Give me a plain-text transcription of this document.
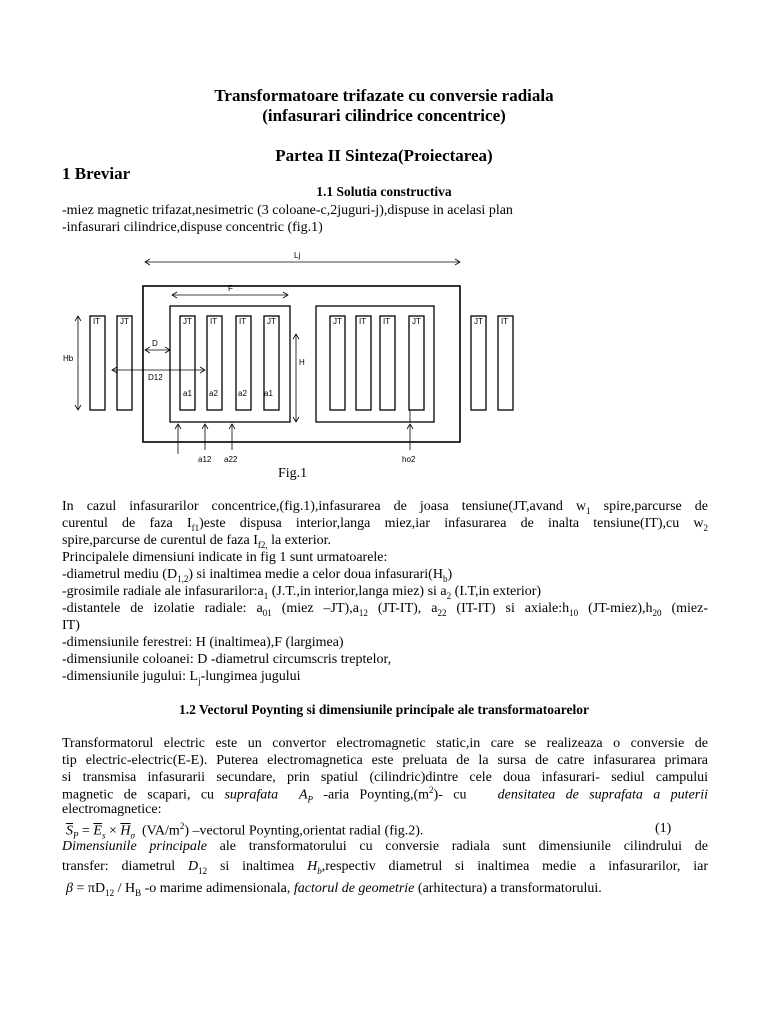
Transformatoare trifazate cu conversie radiala
(infasurari cilindrice concentrice)
Partea II Sinteza(Proiectarea)
1 Breviar
1.1 Solutia constructiva
-miez magnetic trifazat,nesimetric (3 coloane-c,2juguri-j),dispuse in acelasi plan
-infasurari cilindrice,dispuse concentric (fig.1)
Lj
F
H
Hb
D
D12
IT JT	JT IT	IT	JT	JT IT IT	JT	JT IT
a1 a2	a2 a1
a12 a22	ho2
Fig.1
In cazul infasurarilor concentrice,(fig.1),infasurarea de joasa tensiune(JT,avand $w_1$ spire,parcurse de
curentul de faza $I_{f1})este$ dispusa interior,langa miez,iar infasurarea de inalta tensiune(IT),cu $w_2$
spire,parcurse de curentul de faza $I_{f2,}$ la exterior.
Principalele dimensiuni indicate in fig 1 sunt urmatoarele:
-diametrul mediu $(D_{1,2})$ si inaltimea medie a celor doua $infasurari(H_b)$
-grosimile radiale ale $infasurarilor:a_1$ (J.T.,in interior,langa miez) si $a_2$ (I.T,in exterior)
-distantele de izolatie radiale: $a_{01}$ (miez $-JT),a_{12}$ (JT-IT), $a_{22}$ (IT-IT) si $axiale:h_{10}$ $(JT-miez),h_{20}$ (miez-
IT)
-dimensiunile ferestrei: H (inaltimea),F (largimea)
-dimensiunile coloanei: D -diametrul circumscris treptelor,
-dimensiunile jugului: $L_j$-lungimea jugului
1.2 Vectorul Poynting si dimensiunile principale ale transformatoarelor
Transformatorul electric este un convertor electromagnetic static,in care se realizeaza o conversie de
tip electric-electric(E-E). Puterea electromagnetica este preluata de la sursa de catre infasurarea primara
si transmisa infasurarii secundare, prin spatiul (cilindric)dintre cele doua infasurari- sediul campului
magnetic de scapari, cu suprafata $A_P$ -aria $Poynting,(m^2)-$ cu   densitatea de suprafata a puterii
electromagnetice:
$\overline{S}_P = \overline{E}_s \times \overline{H}_\sigma$  $(VA/m^2)$ –vectorul Poynting,orientat radial (fig.2).	(1)
Dimensiunile principale ale transformatorului cu conversie radiala sunt dimensiunile cilindrului de
transfer: diametrul $D_{12}$ si inaltimea $H_b,respectiv$ diametrul si inaltimea medie a infasurarilor, iar
$\beta = \pi D_{12} / H_B$ -o marime adimensionala, factorul de geometrie (arhitectura) a transformatorului.
